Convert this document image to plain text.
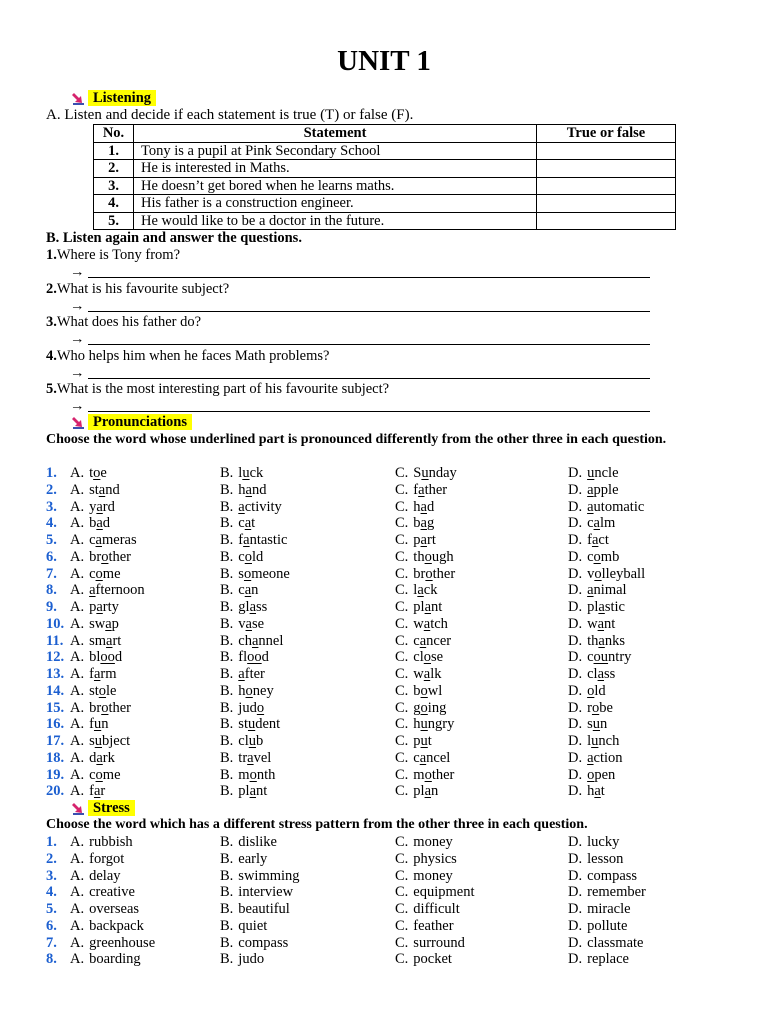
UNIT 1
Listening
A. Listen and decide if each statement is true (T) or false (F).
No.	Statement	True or false
1.	Tony is a pupil at Pink Secondary School	
2.	He is interested in Maths.	
3.	He doesn’t get bored when he learns maths.	
4.	His father is a construction engineer.	
5.	He would like to be a doctor in the future.	
B. Listen again and answer the questions.
1.Where is Tony from?
→
2.What is his favourite subject?
→
3.What does his father do?
→
4.Who helps him when he faces Math problems?
→
5.What is the most interesting part of his favourite subject?
→
Pronunciations
Choose the word whose underlined part is pronounced differently from the other three in each question.
1. A. toe	B. luck	C. Sunday	D. uncle
2. A. stand	B. hand	C. father	D. apple
3. A. yard	B. activity	C. had	D. automatic
4. A. bad	B. cat	C. bag	D. calm
5. A. cameras	B. fantastic	C. part	D. fact
6. A. brother	B. cold	C. though	D. comb
7. A. come	B. someone	C. brother	D. volleyball
8. A. afternoon	B. can	C. lack	D. animal
9. A. party	B. glass	C. plant	D. plastic
10. A. swap	B. vase	C. watch	D. want
11. A. smart	B. channel	C. cancer	D. thanks
12. A. blood	B. flood	C. close	D. country
13. A. farm	B. after	C. walk	D. class
14. A. stole	B. honey	C. bowl	D. old
15. A. brother	B. judo	C. going	D. robe
16. A. fun	B. student	C. hungry	D. sun
17. A. subject	B. club	C. put	D. lunch
18. A. dark	B. travel	C. cancel	D. action
19. A. come	B. month	C. mother	D. open
20. A. far	B. plant	C. plan	D. hat
Stress
Choose the word which has a different stress pattern from the other three in each question.
1. A. rubbish	B. dislike	C. money	D. lucky
2. A. forgot	B. early	C. physics	D. lesson
3. A. delay	B. swimming	C. money	D. compass
4. A. creative	B. interview	C. equipment	D. remember
5. A. overseas	B. beautiful	C. difficult	D. miracle
6. A. backpack	B. quiet	C. feather	D. pollute
7. A. greenhouse	B. compass	C. surround	D. classmate
8. A. boarding	B. judo	C. pocket	D. replace
